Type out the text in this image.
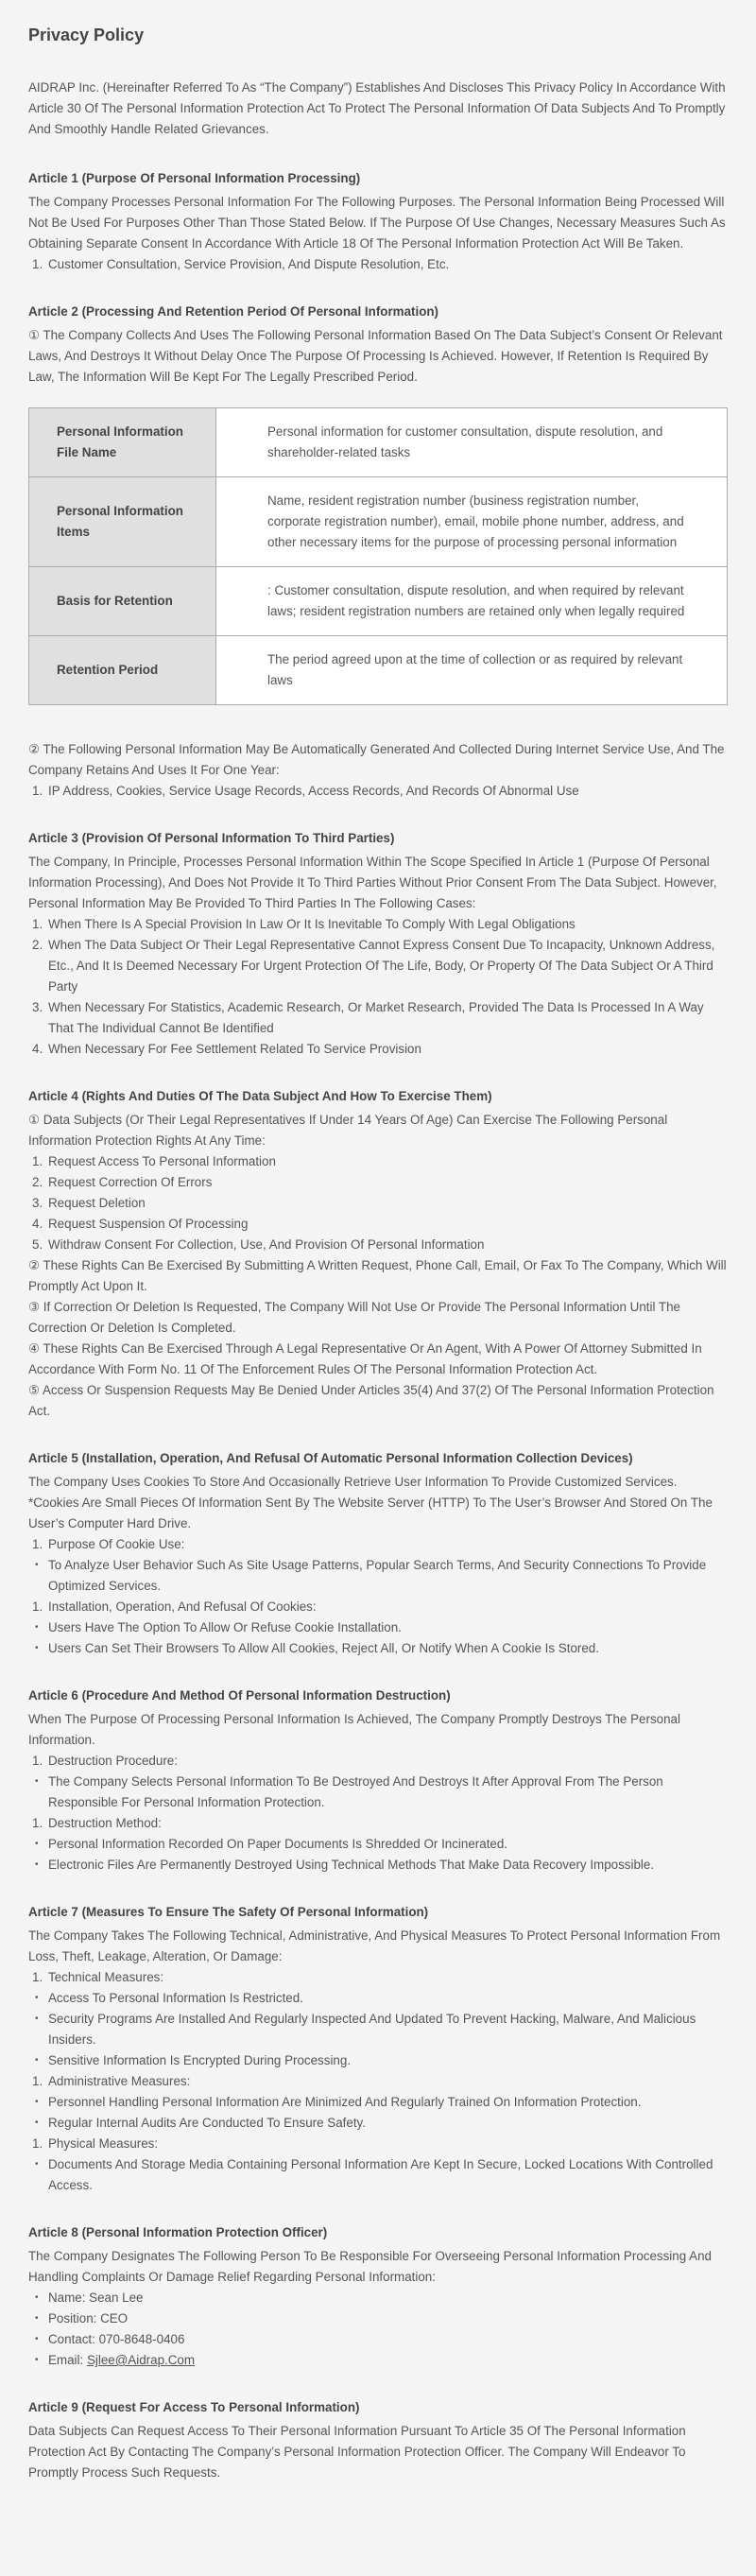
Privacy Policy

AIDRAP Inc. (Hereinafter Referred To As “The Company”) Establishes And Discloses This Privacy Policy In Accordance With Article 30 Of The Personal Information Protection Act To Protect The Personal Information Of Data Subjects And To Promptly And Smoothly Handle Related Grievances.

Article 1 (Purpose Of Personal Information Processing)

The Company Processes Personal Information For The Following Purposes. The Personal Information Being Processed Will Not Be Used For Purposes Other Than Those Stated Below. If The Purpose Of Use Changes, Necessary Measures Such As Obtaining Separate Consent In Accordance With Article 18 Of The Personal Information Protection Act Will Be Taken.

1. Customer Consultation, Service Provision, And Dispute Resolution, Etc.
Article 2 (Processing And Retention Period Of Personal Information)

① The Company Collects And Uses The Following Personal Information Based On The Data Subject’s Consent Or Relevant Laws, And Destroys It Without Delay Once The Purpose Of Processing Is Achieved. However, If Retention Is Required By Law, The Information Will Be Kept For The Legally Prescribed Period.

Personal Information File Name	Personal information for customer consultation, dispute resolution, and shareholder-related tasks
Personal Information Items	Name, resident registration number (business registration number, corporate registration number), email, mobile phone number, address, and other necessary items for the purpose of processing personal information
Basis for Retention	: Customer consultation, dispute resolution, and when required by relevant laws; resident registration numbers are retained only when legally required
Retention Period	The period agreed upon at the time of collection or as required by relevant laws

② The Following Personal Information May Be Automatically Generated And Collected During Internet Service Use, And The Company Retains And Uses It For One Year:

1. IP Address, Cookies, Service Usage Records, Access Records, And Records Of Abnormal Use
Article 3 (Provision Of Personal Information To Third Parties)

The Company, In Principle, Processes Personal Information Within The Scope Specified In Article 1 (Purpose Of Personal Information Processing), And Does Not Provide It To Third Parties Without Prior Consent From The Data Subject. However, Personal Information May Be Provided To Third Parties In The Following Cases:

1. When There Is A Special Provision In Law Or It Is Inevitable To Comply With Legal Obligations
2. When The Data Subject Or Their Legal Representative Cannot Express Consent Due To Incapacity, Unknown Address, Etc., And It Is Deemed Necessary For Urgent Protection Of The Life, Body, Or Property Of The Data Subject Or A Third Party
3. When Necessary For Statistics, Academic Research, Or Market Research, Provided The Data Is Processed In A Way That The Individual Cannot Be Identified
4. When Necessary For Fee Settlement Related To Service Provision
Article 4 (Rights And Duties Of The Data Subject And How To Exercise Them)

① Data Subjects (Or Their Legal Representatives If Under 14 Years Of Age) Can Exercise The Following Personal Information Protection Rights At Any Time:

1. Request Access To Personal Information
2. Request Correction Of Errors
3. Request Deletion
4. Request Suspension Of Processing
5. Withdraw Consent For Collection, Use, And Provision Of Personal Information

② These Rights Can Be Exercised By Submitting A Written Request, Phone Call, Email, Or Fax To The Company, Which Will Promptly Act Upon It.

③ If Correction Or Deletion Is Requested, The Company Will Not Use Or Provide The Personal Information Until The Correction Or Deletion Is Completed.

④ These Rights Can Be Exercised Through A Legal Representative Or An Agent, With A Power Of Attorney Submitted In Accordance With Form No. 11 Of The Enforcement Rules Of The Personal Information Protection Act.

⑤ Access Or Suspension Requests May Be Denied Under Articles 35(4) And 37(2) Of The Personal Information Protection Act.

Article 5 (Installation, Operation, And Refusal Of Automatic Personal Information Collection Devices)

The Company Uses Cookies To Store And Occasionally Retrieve User Information To Provide Customized Services.

*Cookies Are Small Pieces Of Information Sent By The Website Server (HTTP) To The User’s Browser And Stored On The User’s Computer Hard Drive.

1. Purpose Of Cookie Use:
• To Analyze User Behavior Such As Site Usage Patterns, Popular Search Terms, And Security Connections To Provide Optimized Services.
1. Installation, Operation, And Refusal Of Cookies:
• Users Have The Option To Allow Or Refuse Cookie Installation.
• Users Can Set Their Browsers To Allow All Cookies, Reject All, Or Notify When A Cookie Is Stored.
Article 6 (Procedure And Method Of Personal Information Destruction)

When The Purpose Of Processing Personal Information Is Achieved, The Company Promptly Destroys The Personal Information.

1. Destruction Procedure:
• The Company Selects Personal Information To Be Destroyed And Destroys It After Approval From The Person Responsible For Personal Information Protection.
1. Destruction Method:
• Personal Information Recorded On Paper Documents Is Shredded Or Incinerated.
• Electronic Files Are Permanently Destroyed Using Technical Methods That Make Data Recovery Impossible.
Article 7 (Measures To Ensure The Safety Of Personal Information)

The Company Takes The Following Technical, Administrative, And Physical Measures To Protect Personal Information From Loss, Theft, Leakage, Alteration, Or Damage:

1. Technical Measures:
• Access To Personal Information Is Restricted.
• Security Programs Are Installed And Regularly Inspected And Updated To Prevent Hacking, Malware, And Malicious Insiders.
• Sensitive Information Is Encrypted During Processing.
1. Administrative Measures:
• Personnel Handling Personal Information Are Minimized And Regularly Trained On Information Protection.
• Regular Internal Audits Are Conducted To Ensure Safety.
1. Physical Measures:
• Documents And Storage Media Containing Personal Information Are Kept In Secure, Locked Locations With Controlled Access.
Article 8 (Personal Information Protection Officer)

The Company Designates The Following Person To Be Responsible For Overseeing Personal Information Processing And Handling Complaints Or Damage Relief Regarding Personal Information:

• Name: Sean Lee
• Position: CEO
• Contact: 070-8648-0406
• Email: Sjlee@Aidrap.Com
Article 9 (Request For Access To Personal Information)

Data Subjects Can Request Access To Their Personal Information Pursuant To Article 35 Of The Personal Information Protection Act By Contacting The Company’s Personal Information Protection Officer. The Company Will Endeavor To Promptly Process Such Requests.
